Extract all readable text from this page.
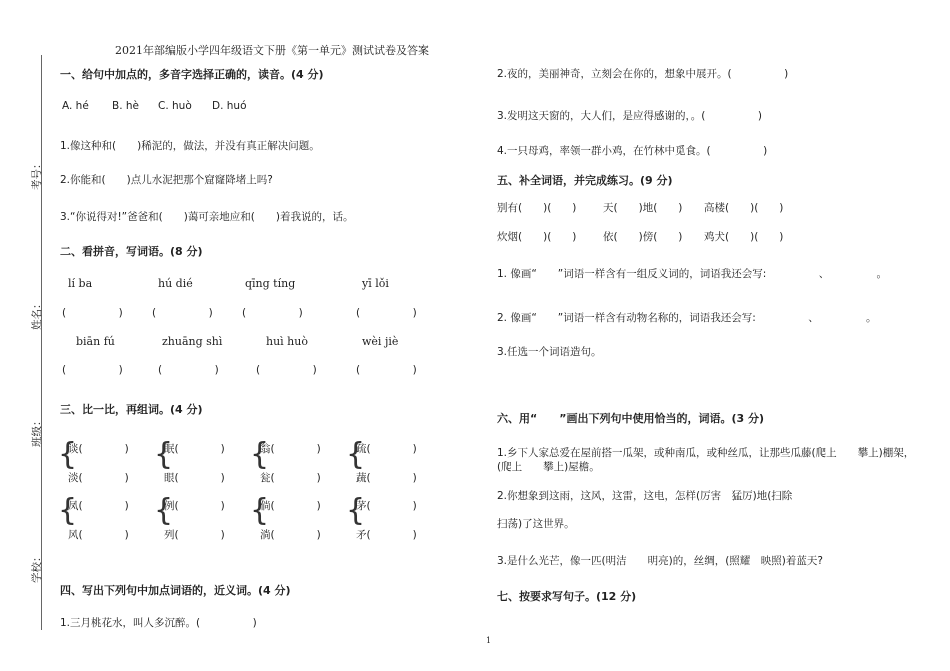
考号：
姓名：
班级：
学校：
2021年部编版小学四年级语文下册《第一单元》测试试卷及答案
一、给句中加点的，多音字选择正确的，读音。(4 分)
A. hé B. hè C. huò D. huó
1.像这种和(　　)稀泥的，做法，并没有真正解决问题。
2.你能和(　　)点儿水泥把那个窟窿降堵上吗?
3.“你说得对!”爸爸和(　　)蔼可亲地应和(　　)着我说的，话。
二、看拼音，写词语。(8 分)
lí ba	hú dié	qīng tíng	yī lǒi
(　　　　　)	(　　　　　)	(　　　　　)	(　　　　　)
biān fú	zhuāng shì	huì huò	wèi jiè
(　　　　　)	(　　　　　)	(　　　　　)	(　　　　　)
三、比一比，再组词。(4 分)
{
谈(　　　　)
淡(　　　　)
{
眠(　　　　)
眼(　　　　)
{
翁(　　　　)
瓮(　　　　)
{
疏(　　　　)
蔬(　　　　)
{
凤(　　　　)
风(　　　　)
{
例(　　　　)
列(　　　　)
{
倘(　　　　)
淌(　　　　)
{
茅(　　　　)
矛(　　　　)
四、写出下列句中加点词语的，近义词。(4 分)
1.三月桃花水，叫人多沉醉。(　　　　　)
2.夜的，美丽神奇，立刻会在你的，想象中展开。(　　　　　)
3.发明这天窗的，大人们，是应得感谢的，。(　　　　　)
4.一只母鸡，率领一群小鸡，在竹林中觅食。(　　　　　)
五、补全词语，并完成练习。(9 分)
别有(　　)(　　)	天(　　)地(　　) 高楼(　　)(　　)
炊烟(　　)(　　)	依(　　)傍(　　) 鸡犬(　　)(　　)
1. 像画“　　”词语一样含有一组反义词的，词语我还会写:　　　　　、　　　　　。
2. 像画“　　”词语一样含有动物名称的，词语我还会写:　　　　　、　　　　　。
3.任选一个词语造句。
六、用“　　”画出下列句中使用恰当的，词语。(3 分)
1.乡下人家总爱在屋前搭一瓜架，或种南瓜，或种丝瓜，让那些瓜藤(爬上　　攀上)棚架，
(爬上　　攀上)屋檐。
2.你想象到这雨，这风，这雷，这电，怎样(厉害　猛厉)地(扫除
扫荡)了这世界。
3.是什么光芒，像一匹(明洁　　明亮)的，丝绸，(照耀　映照)着蓝天?
七、按要求写句子。(12 分)
1
